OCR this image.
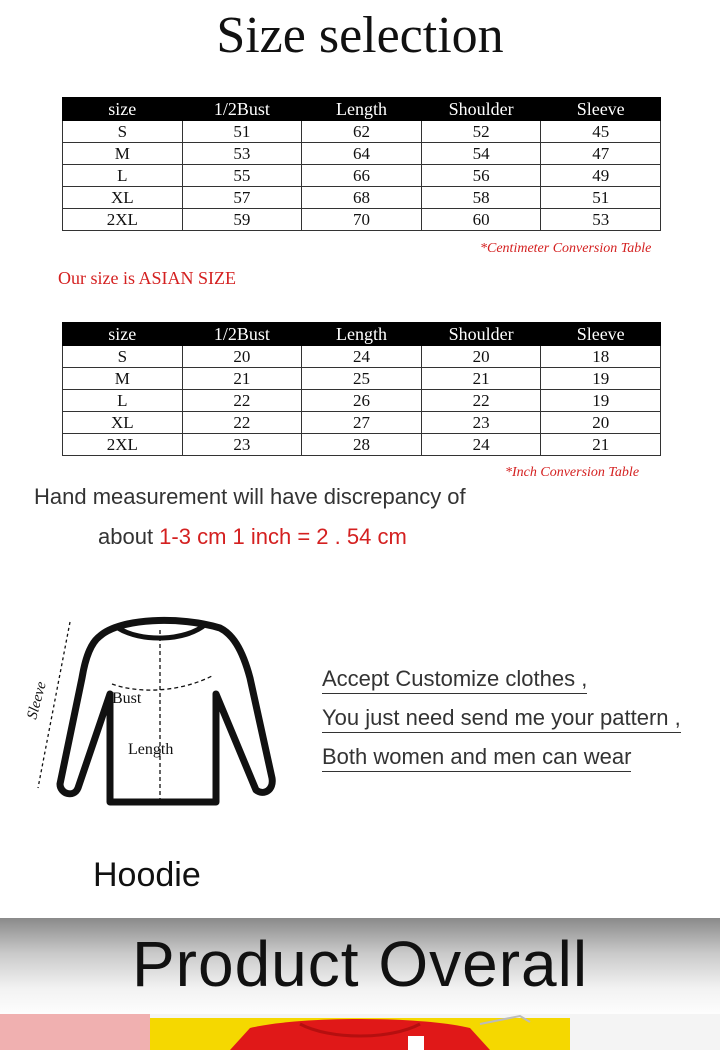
Size selection
size	1/2Bust	Length	Shoulder	Sleeve
S	51	62	52	45
M	53	64	54	47
L	55	66	56	49
XL	57	68	58	51
2XL	59	70	60	53
*Centimeter Conversion Table
Our size is ASIAN SIZE
size	1/2Bust	Length	Shoulder	Sleeve
S	20	24	20	18
M	21	25	21	19
L	22	26	22	19
XL	22	27	23	20
2XL	23	28	24	21
*Inch Conversion Table
Hand measurement will have discrepancy of
about 1-3 cm 1 inch = 2 . 54 cm
Bust
Length
Sleeve
Accept Customize clothes ,
You just need send me your pattern ,
Both women and men can wear
Hoodie
Product Overall
